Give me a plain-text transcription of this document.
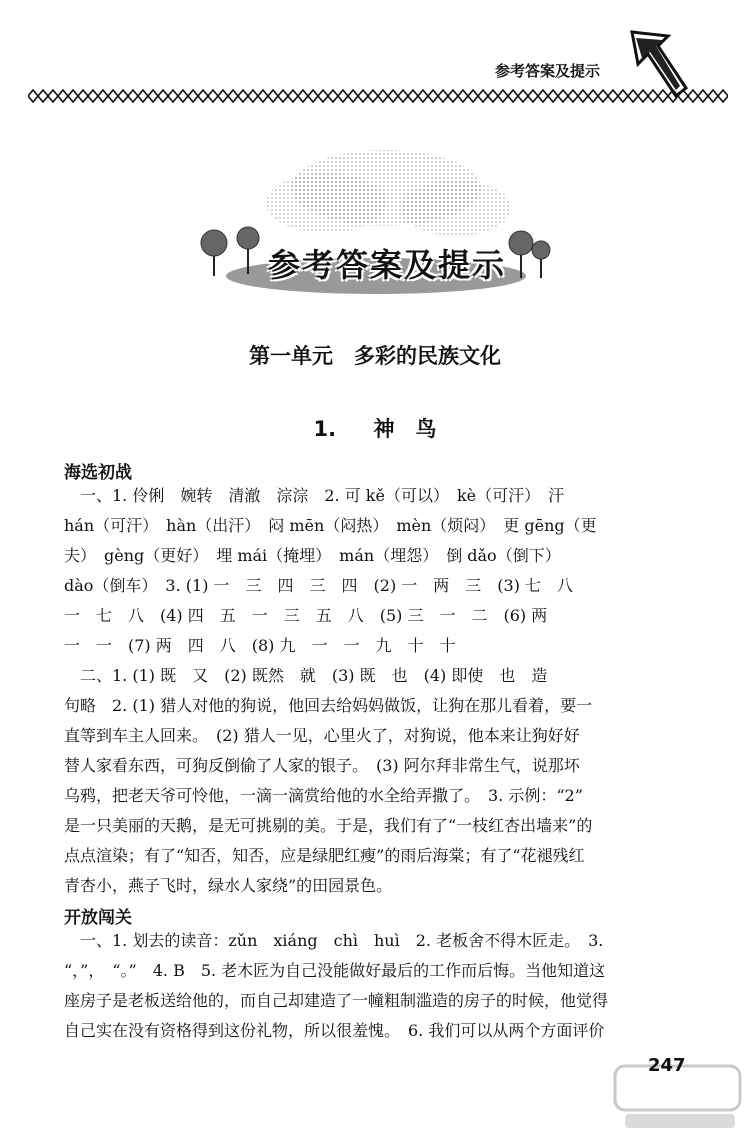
参考答案及提示
参考答案及提示
第一单元　多彩的民族文化
1. 神　鸟
海选初战
　一、1. 伶俐　婉转　清澈　淙淙　2. 可 kě（可以）　kè（可汗）　汗
hán（可汗）　hàn（出汗）　闷 mēn（闷热）　mèn（烦闷）　更 gēng（更
夫）　gèng（更好）　埋 mái（掩埋）　mán（埋怨）　倒 dǎo（倒下）
dào（倒车）　3. (1) 一　三　四　三　四　(2) 一　两　三　(3) 七　八
一　七　八　(4) 四　五　一　三　五　八　(5) 三　一　二　(6) 两
一　一　(7) 两　四　八　(8) 九　一　一　九　十　十
　二、1. (1) 既　又　(2) 既然　就　(3) 既　也　(4) 即使　也　造
句略　2. (1) 猎人对他的狗说，他回去给妈妈做饭，让狗在那儿看着，要一
直等到车主人回来。　(2) 猎人一见，心里火了，对狗说，他本来让狗好好
替人家看东西，可狗反倒偷了人家的银子。　(3) 阿尔拜非常生气，说那坏
乌鸦，把老天爷可怜他，一滴一滴赏给他的水全给弄撒了。　3. 示例：“2”
是一只美丽的天鹅，是无可挑剔的美。于是，我们有了“一枝红杏出墙来”的
点点渲染；有了“知否，知否，应是绿肥红瘦”的雨后海棠；有了“花褪残红
青杏小，燕子飞时，绿水人家绕”的田园景色。
开放闯关
　一、1. 划去的读音：zǔn　xiáng　chì　huì　2. 老板舍不得木匠走。　3.
“，”，　“。”　4. B　5. 老木匠为自己没能做好最后的工作而后悔。当他知道这
座房子是老板送给他的，而自己却建造了一幢粗制滥造的房子的时候，他觉得
自己实在没有资格得到这份礼物，所以很羞愧。　6. 我们可以从两个方面评价
247
